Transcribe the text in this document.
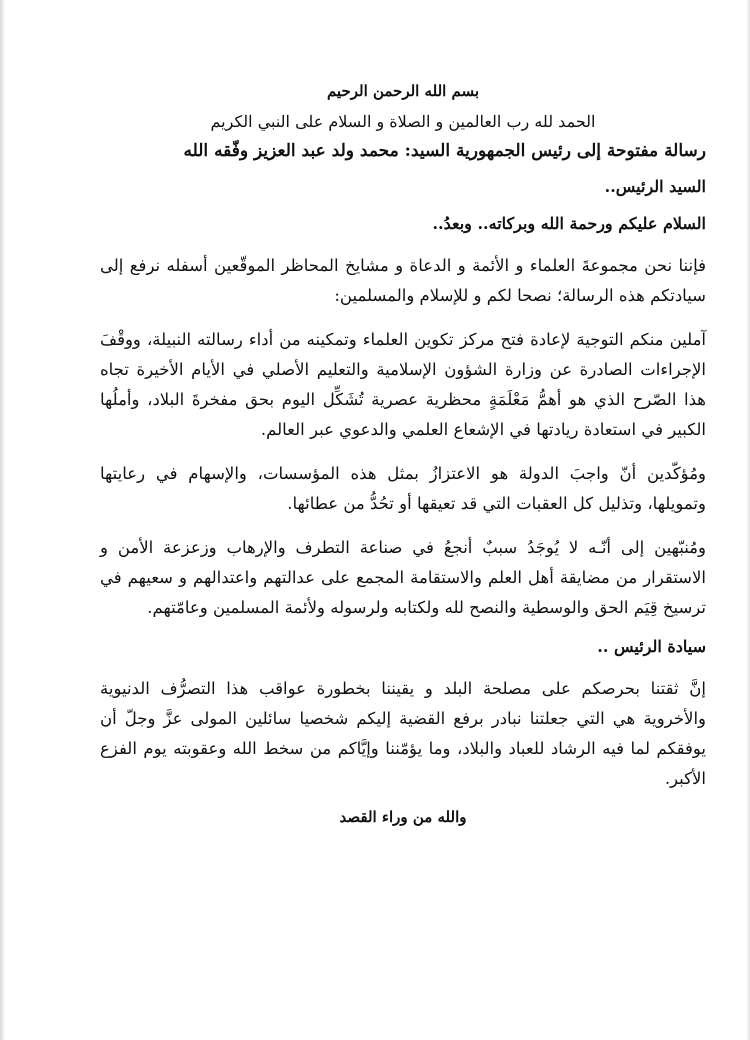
بسم الله الرحمن الرحيم

الحمد لله رب العالمين و الصلاة و السلام على النبي الكريم

رسالة مفتوحة إلى رئيس الجمهورية السيد: محمد ولد عبد العزيز وفّقه الله

السيد الرئيس..

السلام عليكم ورحمة الله وبركاته.. وبعدُ..

فإننا نحن مجموعةَ العلماء و الأئمة و الدعاة و مشايخ المحاظر الموقّعين أسفله نرفع إلى سيادتكم هذه الرسالة؛ نصحا لكم و للإسلام والمسلمين:

آملين منكم التوجيهَ لإعادة فتح مركز تكوين العلماء وتمكينه من أداء رسالته النبيلة، ووقْفَ الإجراءات الصادرة عن وزارة الشؤون الإسلامية والتعليم الأصلي في الأيام الأخيرة تجاه هذا الصّرح الذي هو أهمُّ مَعْلَمَةٍ محظرية عصرية تُشَكِّل اليوم بحق مفخرةَ البلاد، وأملُها الكبير في استعادة ريادتها في الإشعاع العلمي والدعوي عبر العالم.

ومُؤكّدين أنّ واجبَ الدولة هو الاعتزازُ بمثل هذه المؤسسات، والإسهام في رعايتها وتمويلها، وتذليل كل العقبات التي قد تعيقها أو تحُدُّ من عطائها.

ومُنبّهين إلى أنّـه لا يُوجَدُ سببٌ أنجعُ في صناعة التطرف والإرهاب وزعزعة الأمن و الاستقرار من مضايقة أهل العلم والاستقامة المجمع على عدالتهم واعتدالهم و سعيهم في ترسيخ قِيَم الحق والوسطية والنصح لله ولكتابه ولرسوله ولأئمة المسلمين وعامّتهم.

سيادة الرئيس ..

إنَّ ثقتنا بحرصكم على مصلحة البلد و يقيننا بخطورة عواقب هذا التصرُّف الدنيوية والأخروية هي التي جعلتنا نبادر برفع القضية إليكم شخصيا سائلين المولى عزَّ وجلّ أن يوفقكم لما فيه الرشاد للعباد والبلاد، وما يؤمّننا وإيَّاكم من سخط الله وعقوبته يوم الفزع الأكبر.

والله من وراء القصد
